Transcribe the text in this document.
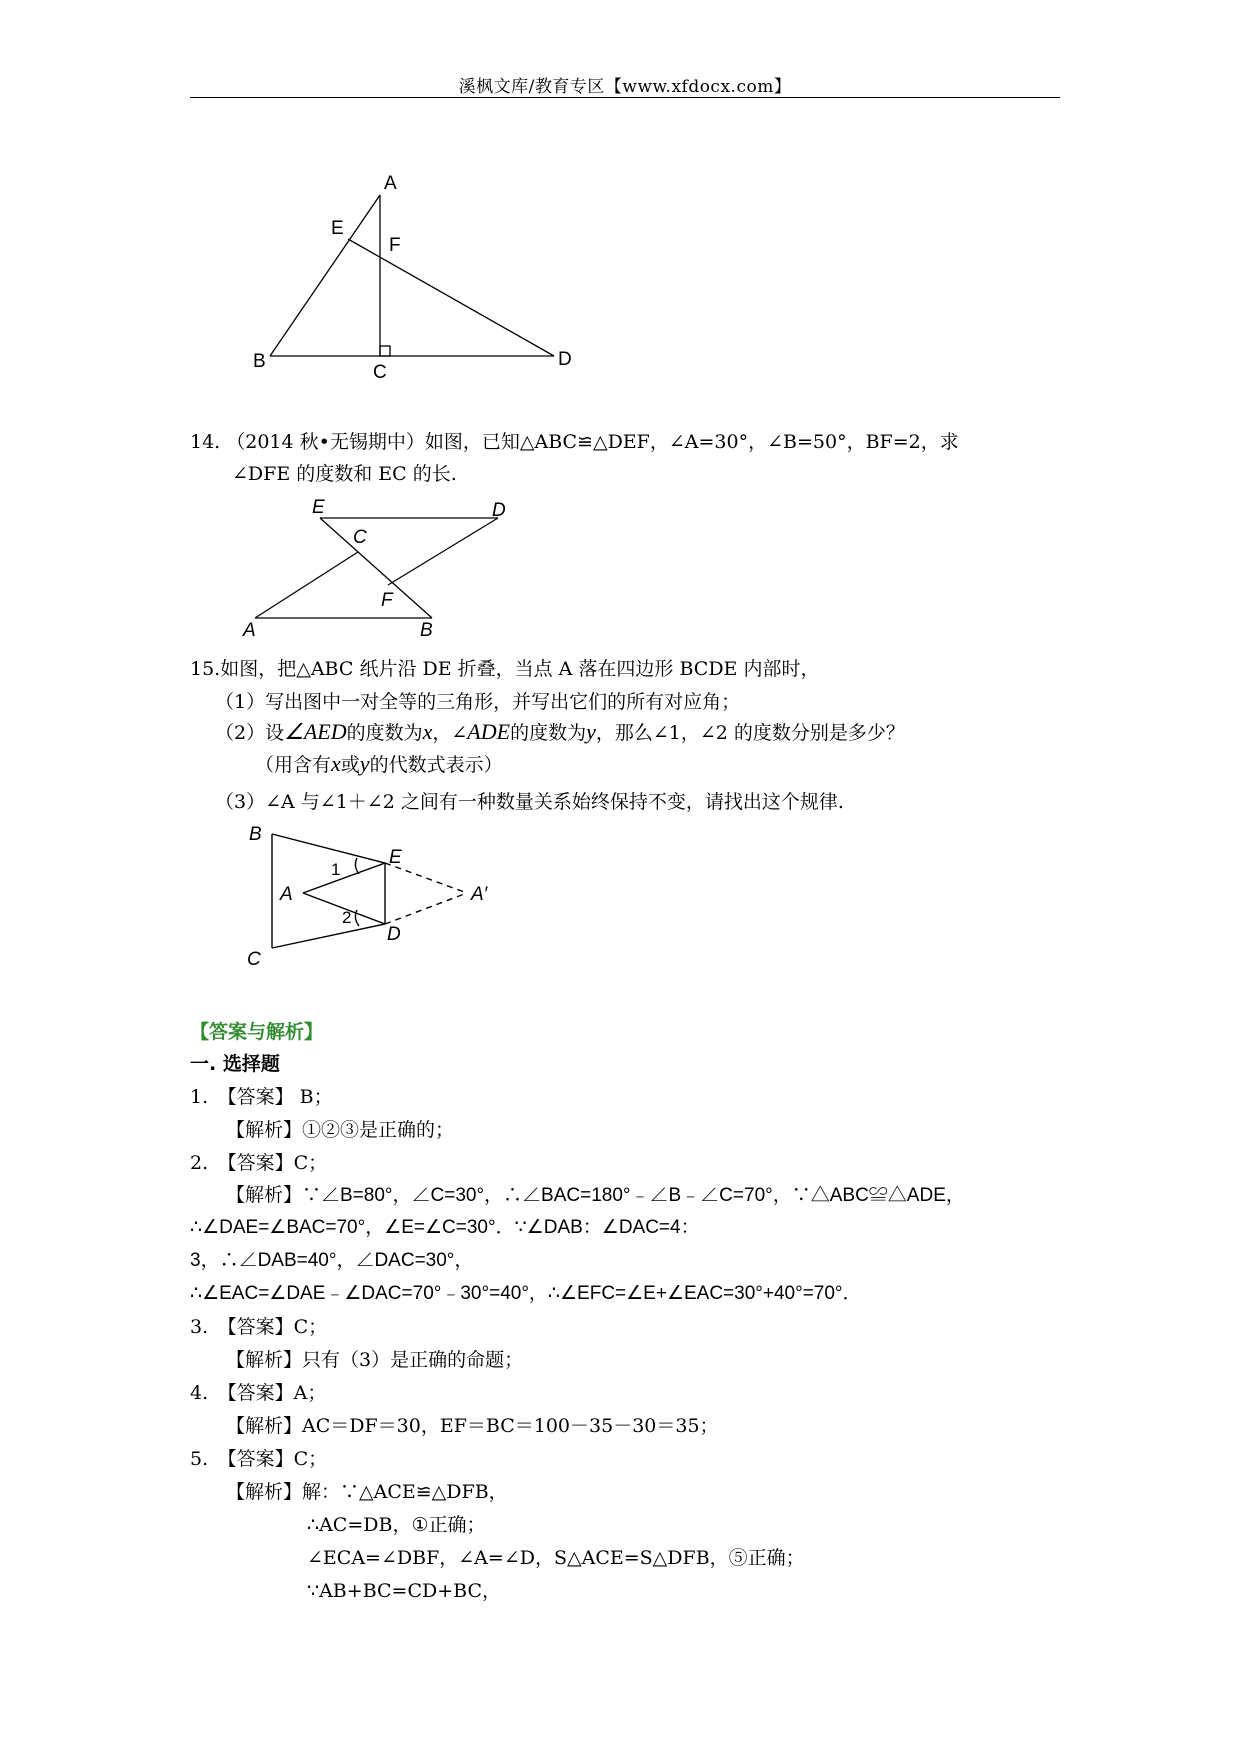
溪枫文库/教育专区【www.xfdocx.com】
A
E
F
B
C
D
14. （2014 秋•无锡期中）如图，已知△ABC≌△DEF，∠A=30°，∠B=50°，BF=2，求
∠DFE 的度数和 EC 的长.
E	D
C
F
A	B
15.如图，把△ABC 纸片沿 DE 折叠，当点 A 落在四边形 BCDE 内部时，
（1）写出图中一对全等的三角形，并写出它们的所有对应角；
（2）设∠AED的度数为x，∠ADE的度数为y，那么∠1，∠2 的度数分别是多少？
（用含有x或y的代数式表示）
（3）∠A 与∠1＋∠2 之间有一种数量关系始终保持不变，请找出这个规律.
B
E
A	A′
D
C
1
2
【答案与解析】
一. 选择题
1.　【答案】 B；
【解析】①②③是正确的；
2.　【答案】C；
【解析】∵∠B=80°，∠C=30°，∴∠BAC=180°﹣∠B﹣∠C=70°，∵△ABC≌△ADE，
∴∠DAE=∠BAC=70°，∠E=∠C=30°．∵∠DAB：∠DAC=4：
3，∴∠DAB=40°，∠DAC=30°，
∴∠EAC=∠DAE﹣∠DAC=70°﹣30°=40°，∴∠EFC=∠E+∠EAC=30°+40°=70°．
3.　【答案】C；
【解析】只有（3）是正确的命题；
4.　【答案】A；
【解析】AC＝DF＝30，EF＝BC＝100－35－30＝35；
5.　【答案】C；
【解析】解：∵△ACE≌△DFB，
∴AC=DB，①正确；
∠ECA=∠DBF，∠A=∠D，S△ACE=S△DFB，⑤正确；
∵AB+BC=CD+BC，
